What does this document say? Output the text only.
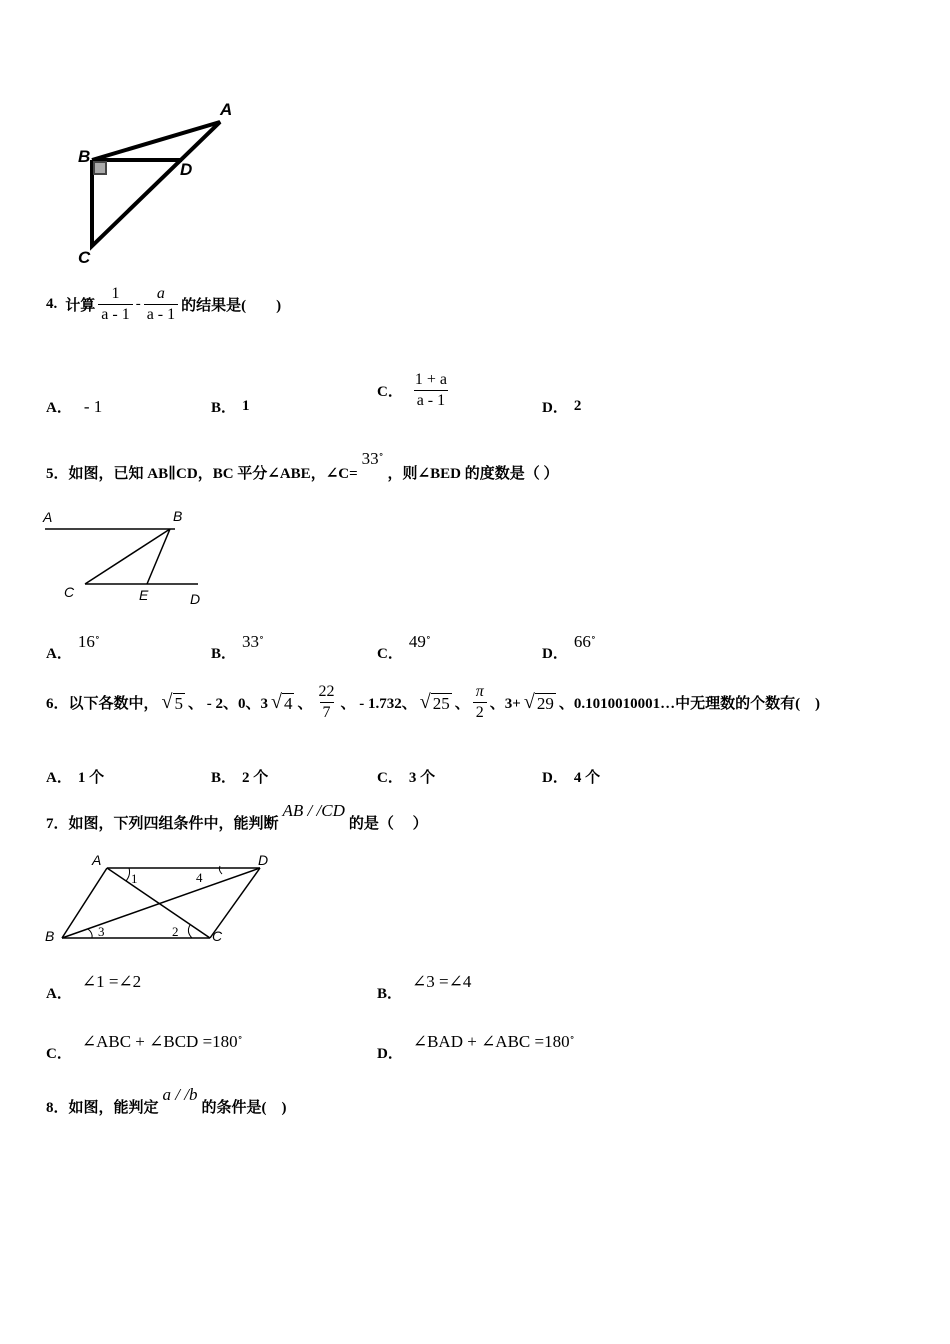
A
B
D
C
4. 计算 $\frac{1}{a - 1} - \frac{a}{a - 1}$ 的结果是(　　)
A． - 1	B． 1
C． $\frac{1 + a}{a - 1}$	D． 2
5．如图，已知 AB∥CD，BC 平分∠ABE，∠C=
33∘
，则∠BED 的度数是（ ）
A	B
C	E	D
A．
16∘
B．
33∘
C．
49∘
D．
66∘
6．以下各数中， √ 5 、 - 2、0、3 √ 4 、 $\frac{22}{7}$ 、 - 1.732、 √ 25 、 $\frac{\pi}{2}$ 、3+ √ 29 、0.1010010001…中无理数的个数有(　)
A． 1 个	B． 2 个	C． 3 个	D． 4 个
7．如图，下列四组条件中，能判断
AB / /CD
的是（　 ）
A	D
B	C
1	4
3	2
A．
∠1 =∠2
B．
∠3 =∠4
C．
∠ABC + ∠BCD =180∘
D．
∠BAD + ∠ABC =180∘
8．如图，能判定
a / /b
的条件是(　)
